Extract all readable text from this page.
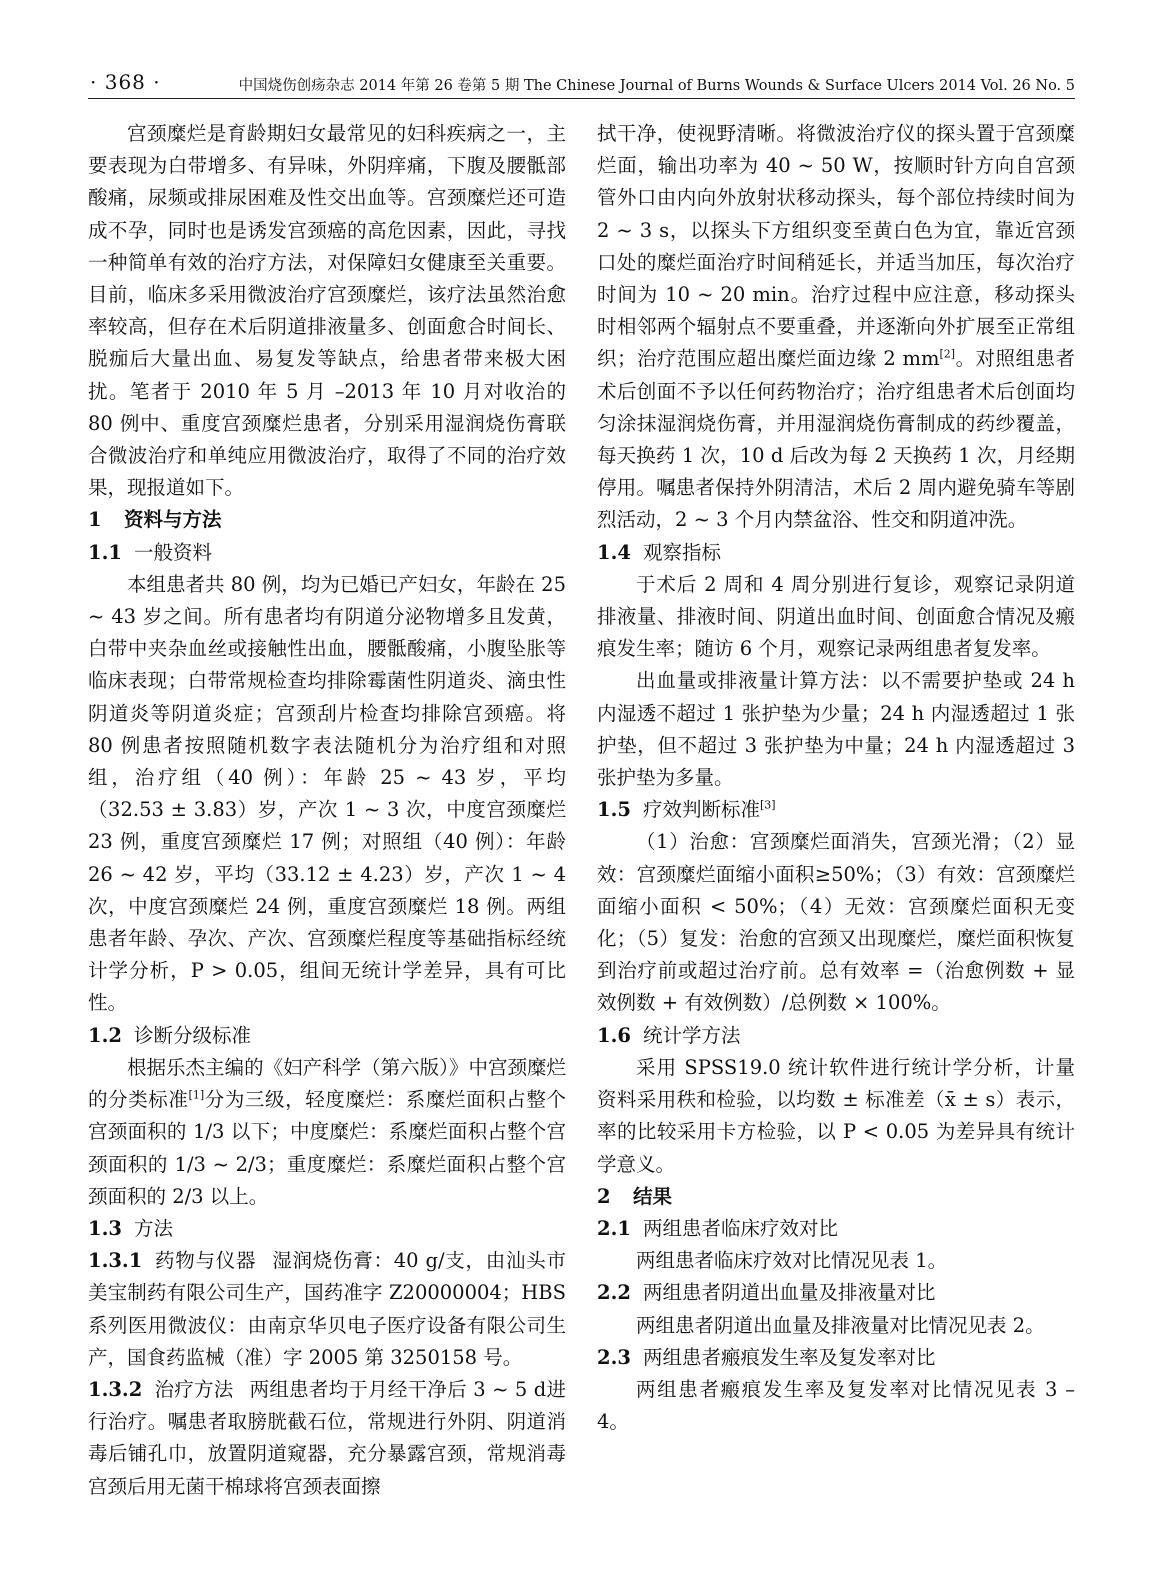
· 368 ·	中国烧伤创疡杂志 2014 年第 26 卷第 5 期 The Chinese Journal of Burns Wounds & Surface Ulcers 2014 Vol. 26 No. 5

宫颈糜烂是育龄期妇女最常见的妇科疾病之一，主要表现为白带增多、有异味，外阴痒痛，下腹及腰骶部酸痛，尿频或排尿困难及性交出血等。宫颈糜烂还可造成不孕，同时也是诱发宫颈癌的高危因素，因此，寻找一种简单有效的治疗方法，对保障妇女健康至关重要。目前，临床多采用微波治疗宫颈糜烂，该疗法虽然治愈率较高，但存在术后阴道排液量多、创面愈合时间长、脱痂后大量出血、易复发等缺点，给患者带来极大困扰。笔者于 2010 年 5 月 –2013 年 10 月对收治的 80 例中、重度宫颈糜烂患者，分别采用湿润烧伤膏联合微波治疗和单纯应用微波治疗，取得了不同的治疗效果，现报道如下。

1 资料与方法
1.1 一般资料

本组患者共 80 例，均为已婚已产妇女，年龄在 25 ~ 43 岁之间。所有患者均有阴道分泌物增多且发黄，白带中夹杂血丝或接触性出血，腰骶酸痛，小腹坠胀等临床表现；白带常规检查均排除霉菌性阴道炎、滴虫性阴道炎等阴道炎症；宫颈刮片检查均排除宫颈癌。将 80 例患者按照随机数字表法随机分为治疗组和对照组，治疗组（40 例）：年龄 25 ~ 43 岁，平均（32.53 ± 3.83）岁，产次 1 ~ 3 次，中度宫颈糜烂 23 例，重度宫颈糜烂 17 例；对照组（40 例）：年龄 26 ~ 42 岁，平均（33.12 ± 4.23）岁，产次 1 ~ 4 次，中度宫颈糜烂 24 例，重度宫颈糜烂 18 例。两组患者年龄、孕次、产次、宫颈糜烂程度等基础指标经统计学分析，P > 0.05，组间无统计学差异，具有可比性。

1.2 诊断分级标准

根据乐杰主编的《妇产科学（第六版）》中宫颈糜烂的分类标准[1]分为三级，轻度糜烂：系糜烂面积占整个宫颈面积的 1/3 以下；中度糜烂：系糜烂面积占整个宫颈面积的 1/3 ~ 2/3；重度糜烂：系糜烂面积占整个宫颈面积的 2/3 以上。

1.3 方法

1.3.1 药物与仪器 湿润烧伤膏：40 g/支，由汕头市美宝制药有限公司生产，国药准字 Z20000004；HBS 系列医用微波仪：由南京华贝电子医疗设备有限公司生产，国食药监械（准）字 2005 第 3250158 号。

1.3.2 治疗方法 两组患者均于月经干净后 3 ~ 5 d进行治疗。嘱患者取膀胱截石位，常规进行外阴、阴道消毒后铺孔巾，放置阴道窥器，充分暴露宫颈，常规消毒宫颈后用无菌干棉球将宫颈表面擦

拭干净，使视野清晰。将微波治疗仪的探头置于宫颈糜烂面，输出功率为 40 ~ 50 W，按顺时针方向自宫颈管外口由内向外放射状移动探头，每个部位持续时间为 2 ~ 3 s，以探头下方组织变至黄白色为宜，靠近宫颈口处的糜烂面治疗时间稍延长，并适当加压，每次治疗时间为 10 ~ 20 min。治疗过程中应注意，移动探头时相邻两个辐射点不要重叠，并逐渐向外扩展至正常组织；治疗范围应超出糜烂面边缘 2 mm[2]。对照组患者术后创面不予以任何药物治疗；治疗组患者术后创面均匀涂抹湿润烧伤膏，并用湿润烧伤膏制成的药纱覆盖，每天换药 1 次，10 d 后改为每 2 天换药 1 次，月经期停用。嘱患者保持外阴清洁，术后 2 周内避免骑车等剧烈活动，2 ~ 3 个月内禁盆浴、性交和阴道冲洗。

1.4 观察指标

于术后 2 周和 4 周分别进行复诊，观察记录阴道排液量、排液时间、阴道出血时间、创面愈合情况及瘢痕发生率；随访 6 个月，观察记录两组患者复发率。

出血量或排液量计算方法：以不需要护垫或 24 h 内湿透不超过 1 张护垫为少量；24 h 内湿透超过 1 张护垫，但不超过 3 张护垫为中量；24 h 内湿透超过 3 张护垫为多量。

1.5 疗效判断标准[3]

（1）治愈：宫颈糜烂面消失，宫颈光滑；（2）显效：宫颈糜烂面缩小面积≥50%；（3）有效：宫颈糜烂面缩小面积 < 50%；（4）无效：宫颈糜烂面积无变化；（5）复发：治愈的宫颈又出现糜烂，糜烂面积恢复到治疗前或超过治疗前。总有效率 =（治愈例数 + 显效例数 + 有效例数）/总例数 × 100%。

1.6 统计学方法

采用 SPSS19.0 统计软件进行统计学分析，计量资料采用秩和检验，以均数 ± 标准差（x̄ ± s）表示，率的比较采用卡方检验，以 P < 0.05 为差异具有统计学意义。

2 结果
2.1 两组患者临床疗效对比

两组患者临床疗效对比情况见表 1。

2.2 两组患者阴道出血量及排液量对比

两组患者阴道出血量及排液量对比情况见表 2。

2.3 两组患者瘢痕发生率及复发率对比

两组患者瘢痕发生率及复发率对比情况见表 3 – 4。
